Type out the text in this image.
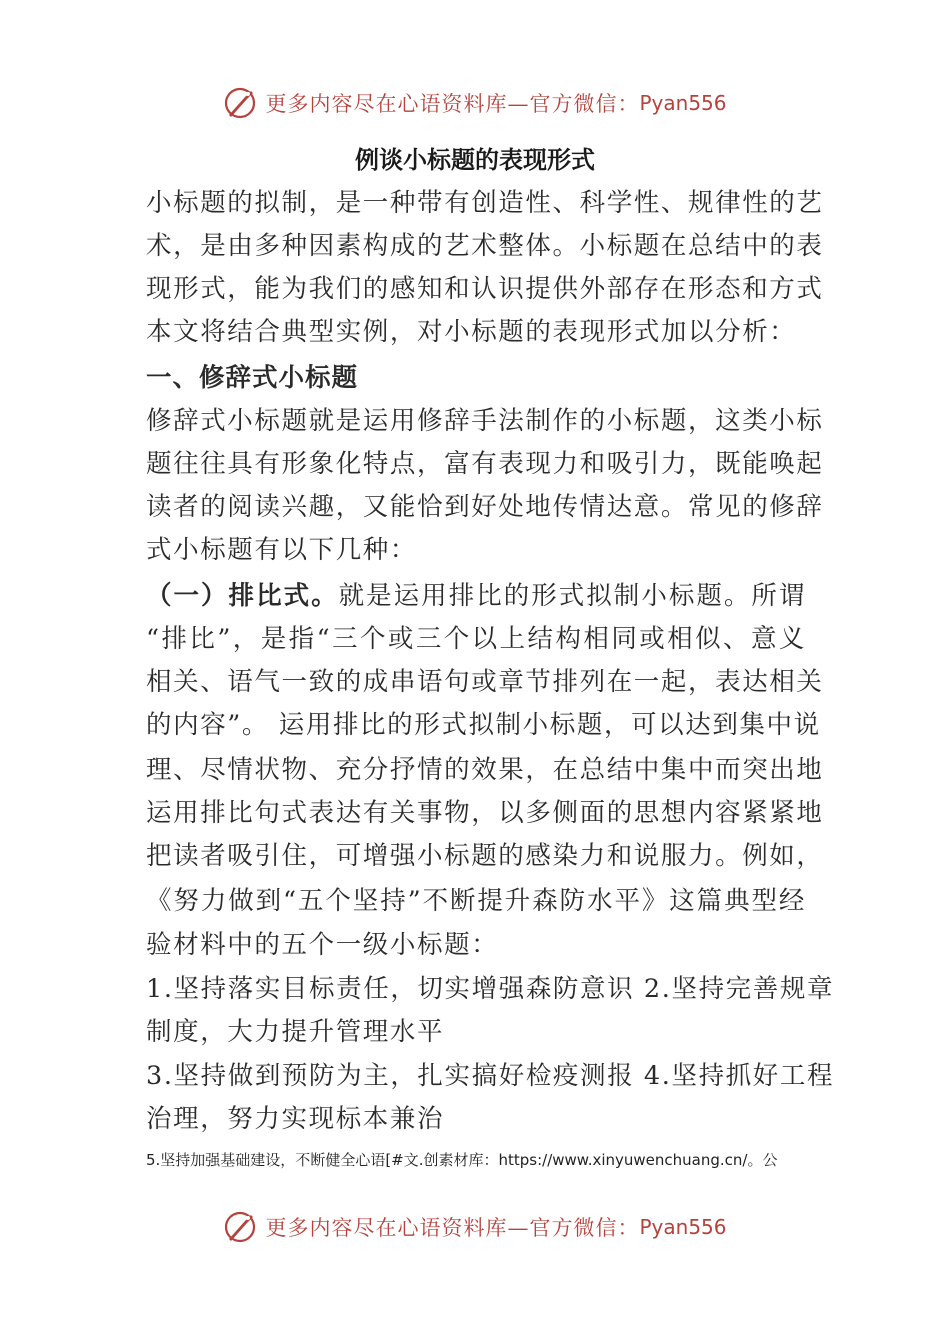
更多内容尽在心语资料库—官方微信： Pyan556
例谈小标题的表现形式
小标题的拟制，是一种带有创造性、科学性、规律性的艺
术，是由多种因素构成的艺术整体。小标题在总结中的表
现形式，能为我们的感知和认识提供外部存在形态和方式
本文将结合典型实例，对小标题的表现形式加以分析：
一、修辞式小标题
修辞式小标题就是运用修辞手法制作的小标题，这类小标
题往往具有形象化特点，富有表现力和吸引力，既能唤起
读者的阅读兴趣，又能恰到好处地传情达意。常见的修辞
式小标题有以下几种：
（一）排比式。就是运用排比的形式拟制小标题。所谓
“排比”，是指“三个或三个以上结构相同或相似、意义
相关、语气一致的成串语句或章节排列在一起，表达相关
的内容”。 运用排比的形式拟制小标题，可以达到集中说
理、尽情状物、充分抒情的效果，在总结中集中而突出地
运用排比句式表达有关事物，以多侧面的思想内容紧紧地
把读者吸引住，可增强小标题的感染力和说服力。例如，
《努力做到“五个坚持”不断提升森防水平》这篇典型经
验材料中的五个一级小标题：
1.坚持落实目标责任，切实增强森防意识 2.坚持完善规章
制度，大力提升管理水平
3.坚持做到预防为主，扎实搞好检疫测报 4.坚持抓好工程
治理，努力实现标本兼治
5.坚持加强基础建设，不断健全心语[#文.创素材库：https://www.xinyuwenchuang.cn/。公
更多内容尽在心语资料库—官方微信： Pyan556
